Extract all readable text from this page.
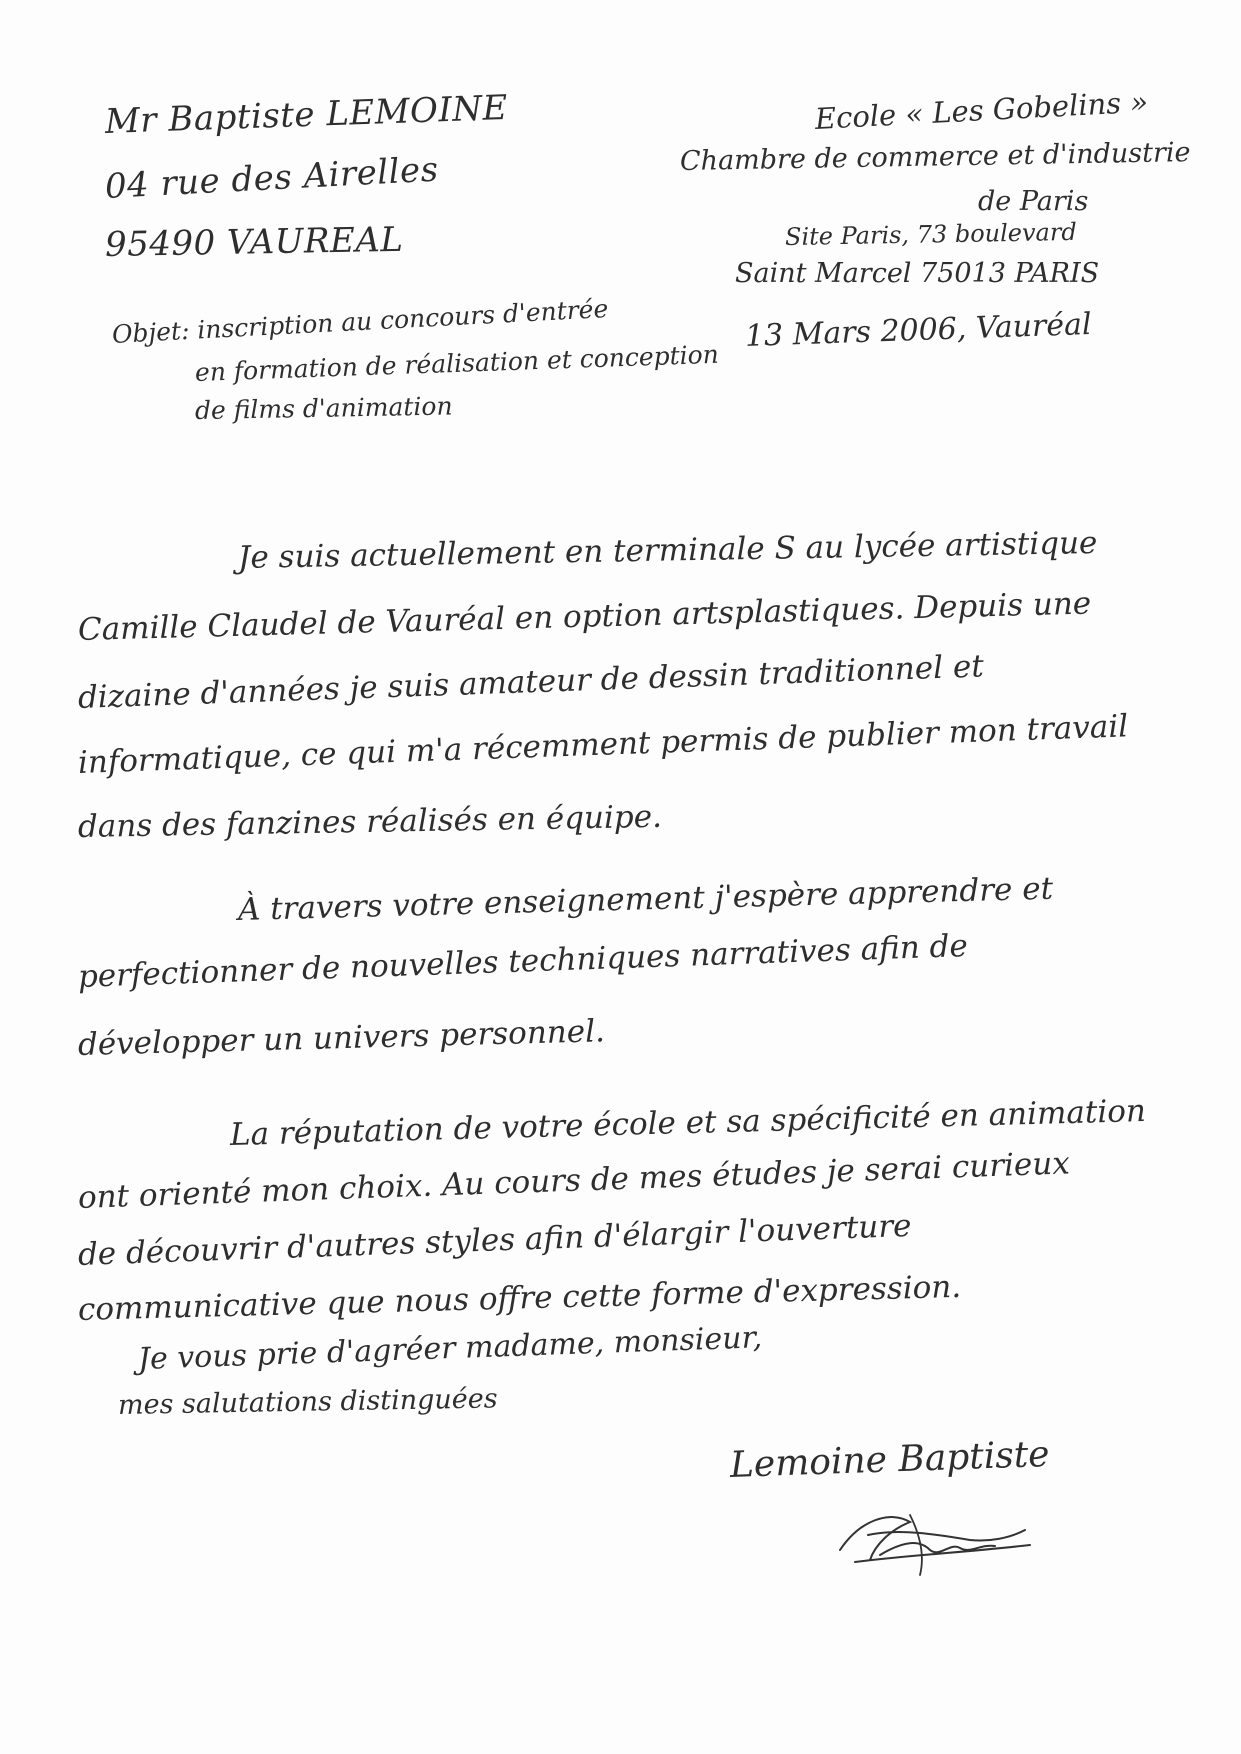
Mr Baptiste LEMOINE
04 rue des Airelles
95490 VAUREAL
Ecole « Les Gobelins »
Chambre de commerce et d'industrie
de Paris
Site Paris, 73 boulevard
Saint Marcel 75013 PARIS
13 Mars 2006, Vauréal
Objet: inscription au concours d'entrée
en formation de réalisation et conception
de films d'animation
Je suis actuellement en terminale S au lycée artistique
Camille Claudel de Vauréal en option artsplastiques. Depuis une
dizaine d'années je suis amateur de dessin traditionnel et
informatique, ce qui m'a récemment permis de publier mon travail
dans des fanzines réalisés en équipe.
À travers votre enseignement j'espère apprendre et
perfectionner de nouvelles techniques narratives afin de
développer un univers personnel.
La réputation de votre école et sa spécificité en animation
ont orienté mon choix. Au cours de mes études je serai curieux
de découvrir d'autres styles afin d'élargir l'ouverture
communicative que nous offre cette forme d'expression.
Je vous prie d'agréer madame, monsieur,
mes salutations distinguées
Lemoine Baptiste
